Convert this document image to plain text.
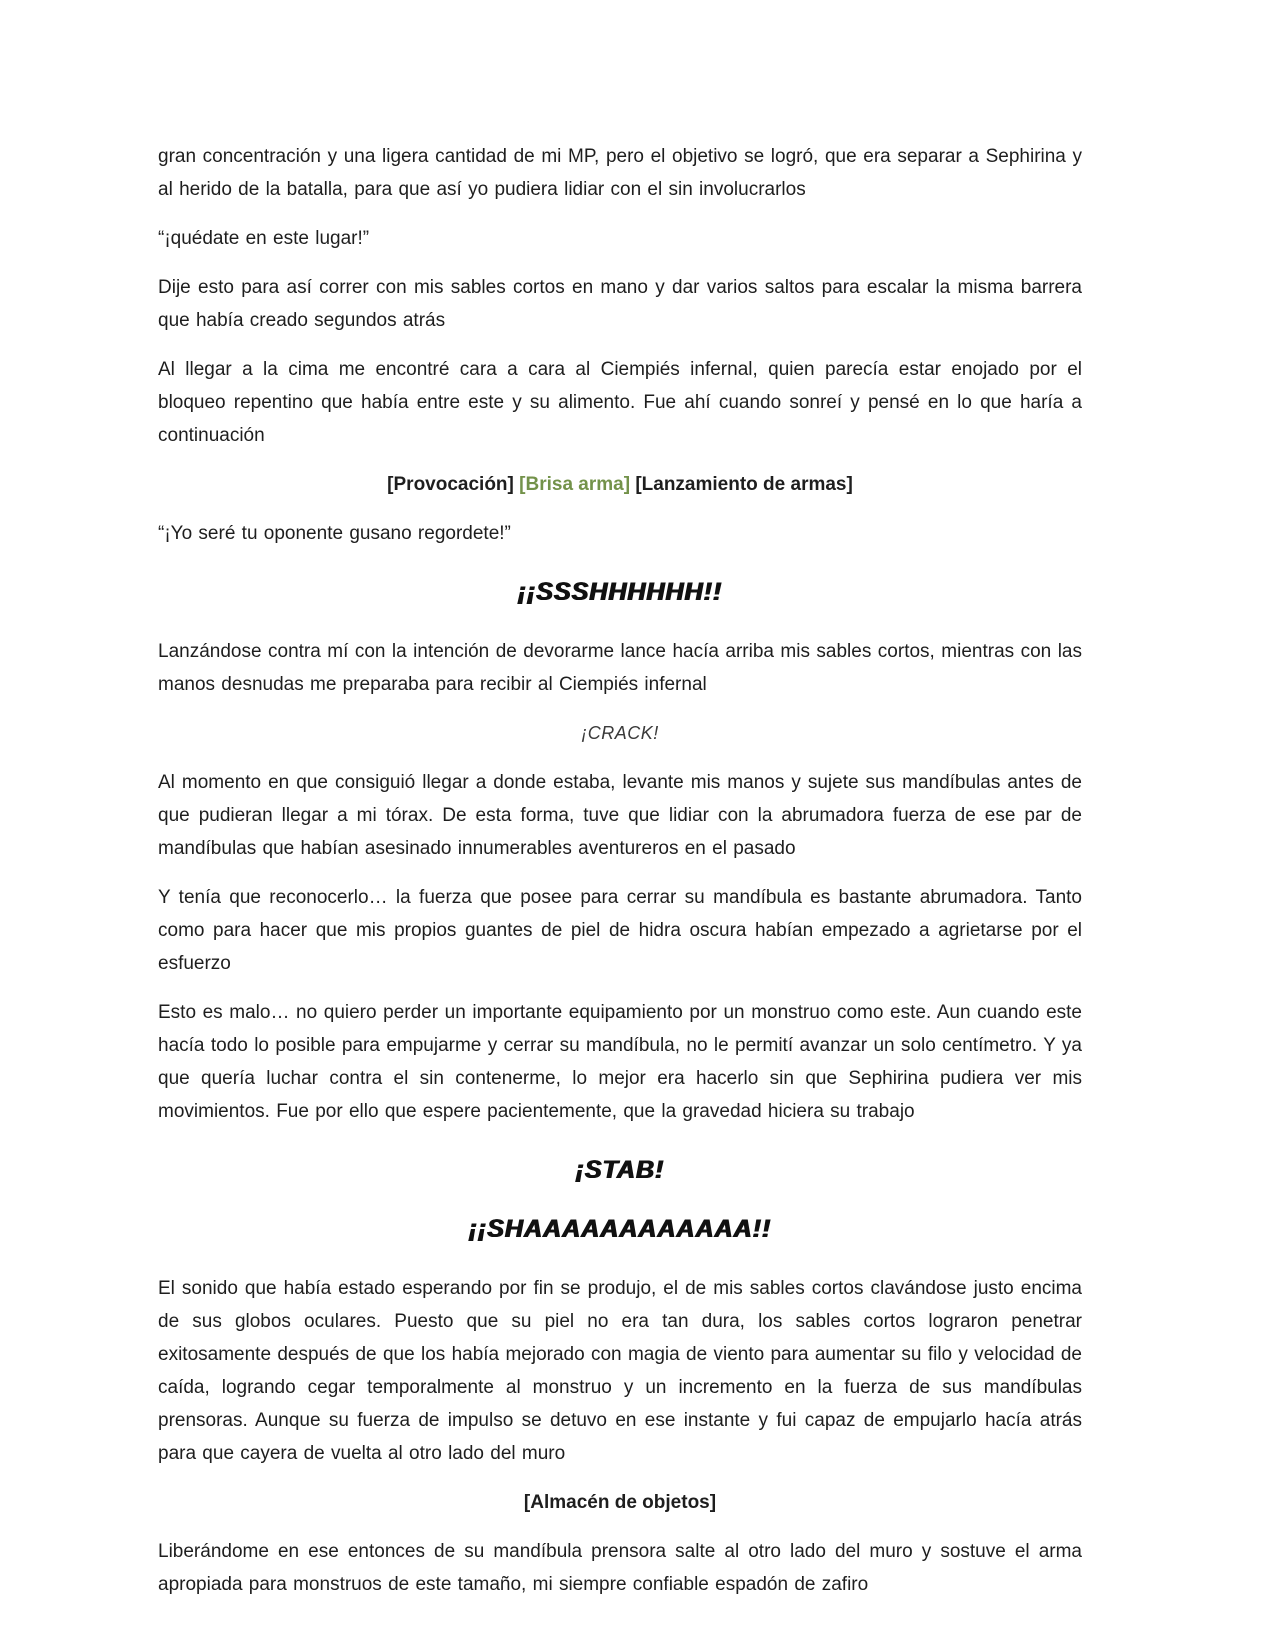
gran concentración y una ligera cantidad de mi MP, pero el objetivo se logró, que era separar a Sephirina y al herido de la batalla, para que así yo pudiera lidiar con el sin involucrarlos

“¡quédate en este lugar!”

Dije esto para así correr con mis sables cortos en mano y dar varios saltos para escalar la misma barrera que había creado segundos atrás

Al llegar a la cima me encontré cara a cara al Ciempiés infernal, quien parecía estar enojado por el bloqueo repentino que había entre este y su alimento. Fue ahí cuando sonreí y pensé en lo que haría a continuación

[Provocación] [Brisa arma] [Lanzamiento de armas]

“¡Yo seré tu oponente gusano regordete!”

¡¡SSSHHHHHH!!

Lanzándose contra mí con la intención de devorarme lance hacía arriba mis sables cortos, mientras con las manos desnudas me preparaba para recibir al Ciempiés infernal

¡CRACK!

Al momento en que consiguió llegar a donde estaba, levante mis manos y sujete sus mandíbulas antes de que pudieran llegar a mi tórax. De esta forma, tuve que lidiar con la abrumadora fuerza de ese par de mandíbulas que habían asesinado innumerables aventureros en el pasado

Y tenía que reconocerlo… la fuerza que posee para cerrar su mandíbula es bastante abrumadora. Tanto como para hacer que mis propios guantes de piel de hidra oscura habían empezado a agrietarse por el esfuerzo

Esto es malo… no quiero perder un importante equipamiento por un monstruo como este. Aun cuando este hacía todo lo posible para empujarme y cerrar su mandíbula, no le permití avanzar un solo centímetro. Y ya que quería luchar contra el sin contenerme, lo mejor era hacerlo sin que Sephirina pudiera ver mis movimientos. Fue por ello que espere pacientemente, que la gravedad hiciera su trabajo

¡STAB!

¡¡SHAAAAAAAAAAAA!!

El sonido que había estado esperando por fin se produjo, el de mis sables cortos clavándose justo encima de sus globos oculares. Puesto que su piel no era tan dura, los sables cortos lograron penetrar exitosamente después de que los había mejorado con magia de viento para aumentar su filo y velocidad de caída, logrando cegar temporalmente al monstruo y un incremento en la fuerza de sus mandíbulas prensoras. Aunque su fuerza de impulso se detuvo en ese instante y fui capaz de empujarlo hacía atrás para que cayera de vuelta al otro lado del muro

[Almacén de objetos]

Liberándome en ese entonces de su mandíbula prensora salte al otro lado del muro y sostuve el arma apropiada para monstruos de este tamaño, mi siempre confiable espadón de zafiro
